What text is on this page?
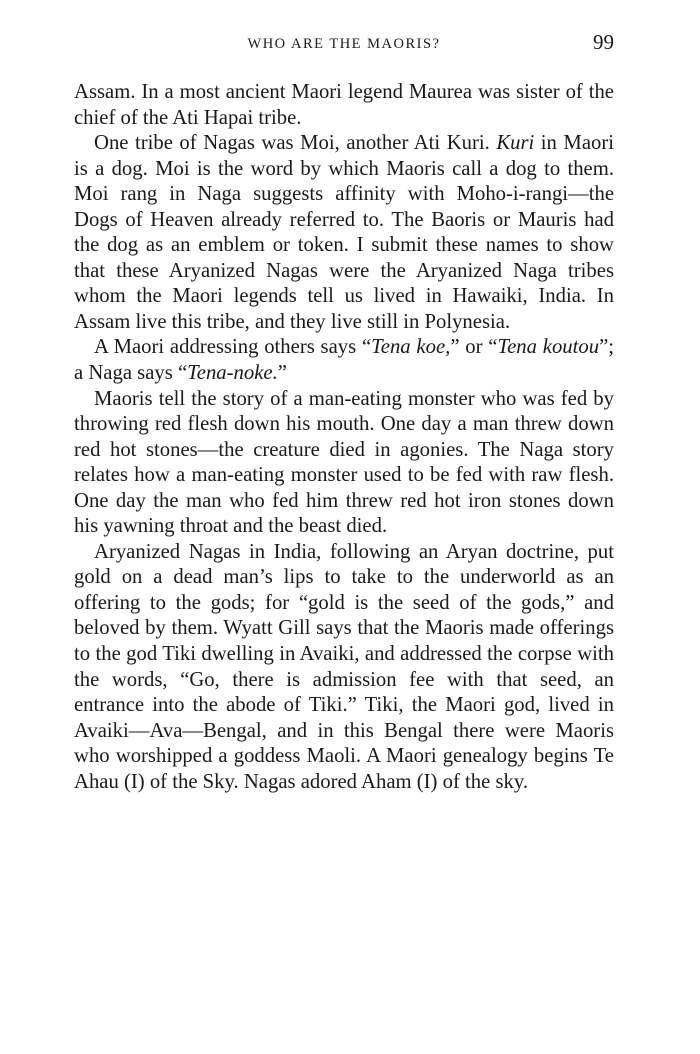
WHO ARE THE MAORIS?	99

Assam. In a most ancient Maori legend Maurea was sister of the chief of the Ati Hapai tribe.

One tribe of Nagas was Moi, another Ati Kuri. Kuri in Maori is a dog. Moi is the word by which Maoris call a dog to them. Moi rang in Naga suggests affinity with Moho-i-rangi—the Dogs of Heaven already referred to. The Baoris or Mauris had the dog as an emblem or token. I submit these names to show that these Aryanized Nagas were the Aryanized Naga tribes whom the Maori legends tell us lived in Hawaiki, India. In Assam live this tribe, and they live still in Polynesia.

A Maori addressing others says “Tena koe,” or “Tena koutou”; a Naga says “Tena-noke.”

Maoris tell the story of a man-eating monster who was fed by throwing red flesh down his mouth. One day a man threw down red hot stones—the creature died in agonies. The Naga story relates how a man-eating monster used to be fed with raw flesh. One day the man who fed him threw red hot iron stones down his yawning throat and the beast died.

Aryanized Nagas in India, following an Aryan doctrine, put gold on a dead man’s lips to take to the underworld as an offering to the gods; for “gold is the seed of the gods,” and beloved by them. Wyatt Gill says that the Maoris made offerings to the god Tiki dwelling in Avaiki, and addressed the corpse with the words, “Go, there is admission fee with that seed, an entrance into the abode of Tiki.” Tiki, the Maori god, lived in Avaiki—Ava—Bengal, and in this Bengal there were Maoris who worshipped a goddess Maoli. A Maori genealogy begins Te Ahau (I) of the Sky. Nagas adored Aham (I) of the sky.
